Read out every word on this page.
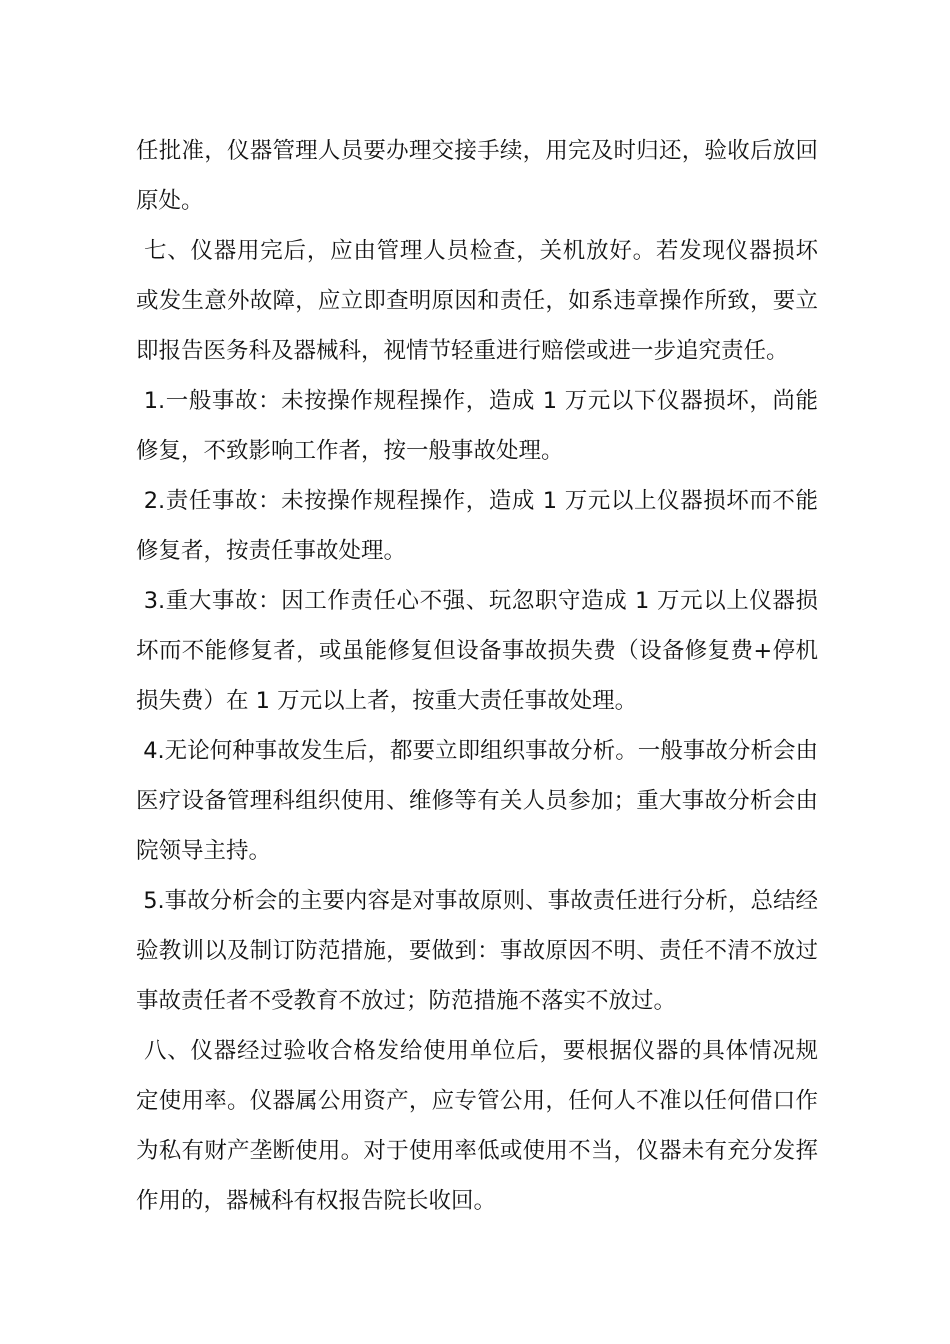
任批准，仪器管理人员要办理交接手续，用完及时归还，验收后放回原处。

七、仪器用完后，应由管理人员检查，关机放好。若发现仪器损坏或发生意外故障，应立即查明原因和责任，如系违章操作所致，要立即报告医务科及器械科，视情节轻重进行赔偿或进一步追究责任。

1.一般事故：未按操作规程操作，造成 1 万元以下仪器损坏，尚能修复，不致影响工作者，按一般事故处理。

2.责任事故：未按操作规程操作，造成 1 万元以上仪器损坏而不能修复者，按责任事故处理。

3.重大事故：因工作责任心不强、玩忽职守造成 1 万元以上仪器损坏而不能修复者，或虽能修复但设备事故损失费（设备修复费+停机损失费）在 1 万元以上者，按重大责任事故处理。

4.无论何种事故发生后，都要立即组织事故分析。一般事故分析会由医疗设备管理科组织使用、维修等有关人员参加；重大事故分析会由院领导主持。

5.事故分析会的主要内容是对事故原则、事故责任进行分析，总结经验教训以及制订防范措施，要做到：事故原因不明、责任不清不放过事故责任者不受教育不放过；防范措施不落实不放过。

八、仪器经过验收合格发给使用单位后，要根据仪器的具体情况规定使用率。仪器属公用资产，应专管公用，任何人不准以任何借口作为私有财产垄断使用。对于使用率低或使用不当，仪器未有充分发挥作用的，器械科有权报告院长收回。
